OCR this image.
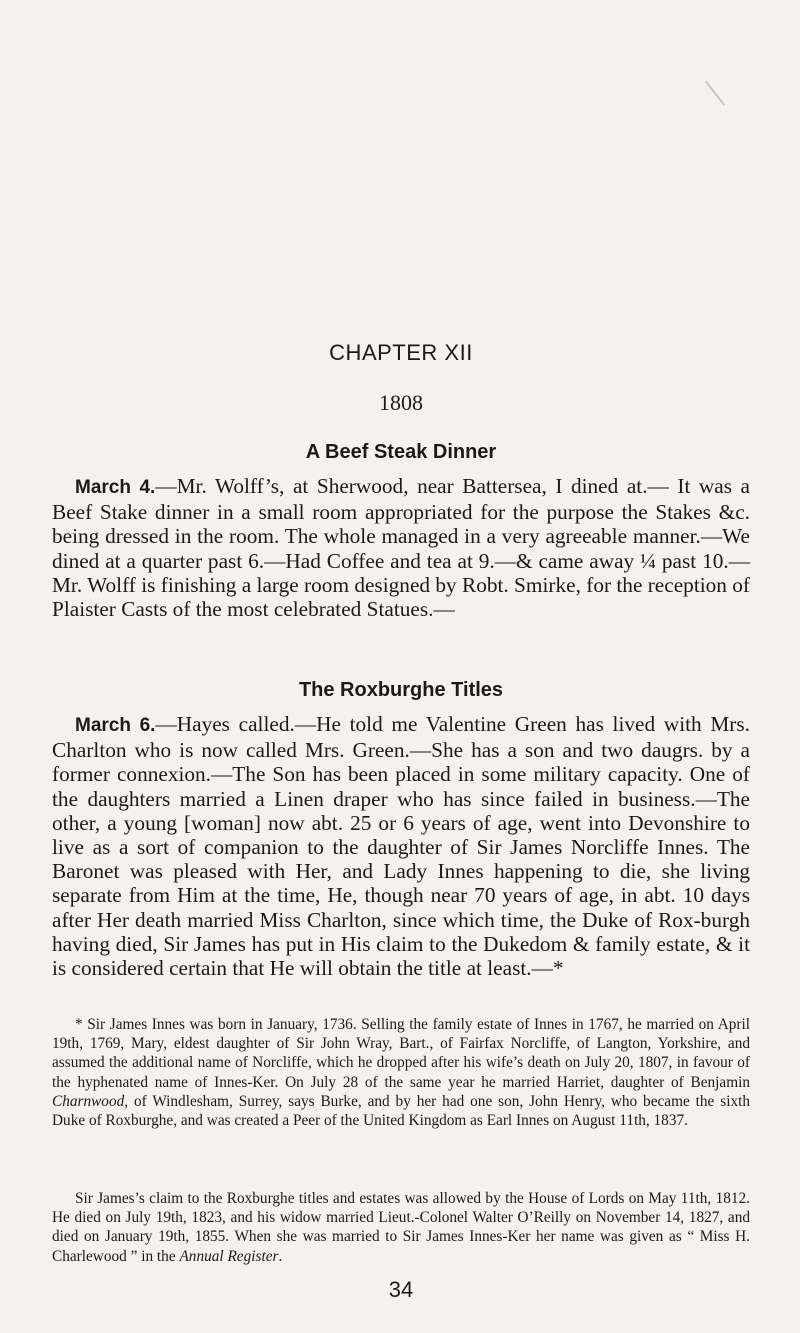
CHAPTER XII
1808
A Beef Steak Dinner

March 4.—Mr. Wolff’s, at Sherwood, near Battersea, I dined at.— It was a Beef Stake dinner in a small room appropriated for the purpose the Stakes &c. being dressed in the room. The whole managed in a very agreeable manner.—We dined at a quarter past 6.—Had Coffee and tea at 9.—& came away ¼ past 10.—Mr. Wolff is finishing a large room designed by Robt. Smirke, for the reception of Plaister Casts of the most celebrated Statues.—

The Roxburghe Titles

March 6.—Hayes called.—He told me Valentine Green has lived with Mrs. Charlton who is now called Mrs. Green.—She has a son and two daugrs. by a former connexion.—The Son has been placed in some military capacity. One of the daughters married a Linen draper who has since failed in business.—The other, a young [woman] now abt. 25 or 6 years of age, went into Devonshire to live as a sort of companion to the daughter of Sir James Norcliffe Innes. The Baronet was pleased with Her, and Lady Innes happening to die, she living separate from Him at the time, He, though near 70 years of age, in abt. 10 days after Her death married Miss Charlton, since which time, the Duke of Rox-burgh having died, Sir James has put in His claim to the Dukedom & family estate, & it is considered certain that He will obtain the title at least.—*

* Sir James Innes was born in January, 1736. Selling the family estate of Innes in 1767, he married on April 19th, 1769, Mary, eldest daughter of Sir John Wray, Bart., of Fairfax Norcliffe, of Langton, Yorkshire, and assumed the additional name of Norcliffe, which he dropped after his wife’s death on July 20, 1807, in favour of the hyphenated name of Innes-Ker. On July 28 of the same year he married Harriet, daughter of Benjamin Charnwood, of Windlesham, Surrey, says Burke, and by her had one son, John Henry, who became the sixth Duke of Roxburghe, and was created a Peer of the United Kingdom as Earl Innes on August 11th, 1837.

Sir James’s claim to the Roxburghe titles and estates was allowed by the House of Lords on May 11th, 1812. He died on July 19th, 1823, and his widow married Lieut.-Colonel Walter O’Reilly on November 14, 1827, and died on January 19th, 1855. When she was married to Sir James Innes-Ker her name was given as “ Miss H. Charlewood ” in the Annual Register.

34
